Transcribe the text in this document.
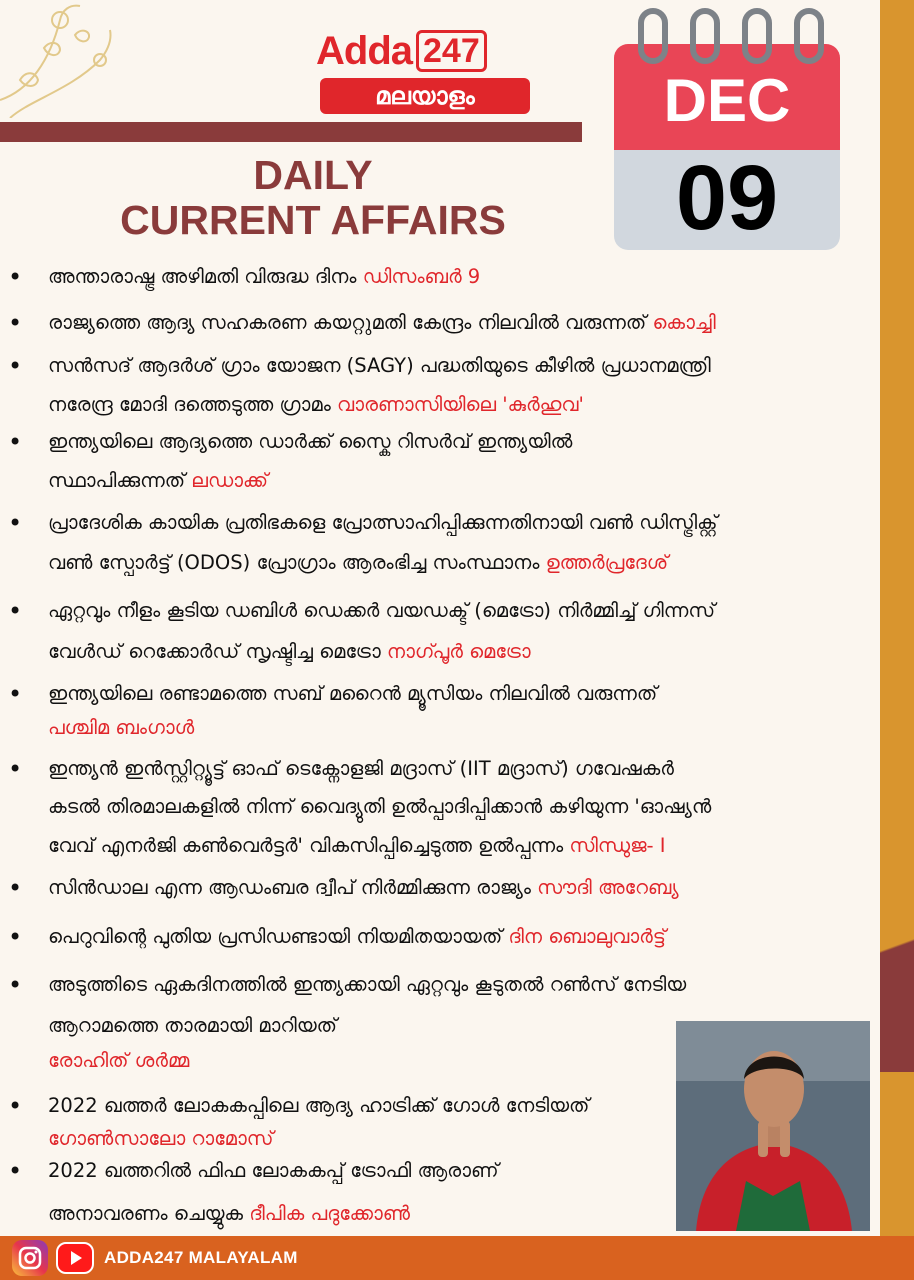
Adda 247
മലയാളം
DAILY
CURRENT AFFAIRS
DEC
09
• അന്താരാഷ്ട്ര അഴിമതി വിരുദ്ധ ദിനം ഡിസംബർ 9
• രാജ്യത്തെ ആദ്യ സഹകരണ കയറ്റുമതി കേന്ദ്രം നിലവിൽ വരുന്നത് കൊച്ചി
• സൻസദ് ആദർശ് ഗ്രാം യോജന (SAGY) പദ്ധതിയുടെ കീഴിൽ പ്രധാനമന്ത്രി
നരേന്ദ്ര മോദി ദത്തെടുത്ത ഗ്രാമം വാരണാസിയിലെ 'കുർഹുവ'
• ഇന്ത്യയിലെ ആദ്യത്തെ ഡാർക്ക് സ്കൈ റിസർവ് ഇന്ത്യയിൽ
സ്ഥാപിക്കുന്നത് ലഡാക്ക്
• പ്രാദേശിക കായിക പ്രതിഭകളെ പ്രോത്സാഹിപ്പിക്കുന്നതിനായി വൺ ഡിസ്ട്രിക്റ്റ്
വൺ സ്പോർട്ട് (ODOS) പ്രോഗ്രാം ആരംഭിച്ച സംസ്ഥാനം ഉത്തർപ്രദേശ്
• ഏറ്റവും നീളം കൂടിയ ഡബിൾ ഡെക്കർ വയഡക്ട് (മെട്രോ) നിർമ്മിച്ച് ഗിന്നസ്
വേൾഡ് റെക്കോർഡ് സൃഷ്ടിച്ച മെട്രോ നാഗ്പൂർ മെട്രോ
• ഇന്ത്യയിലെ രണ്ടാമത്തെ സബ് മറൈൻ മ്യൂസിയം നിലവിൽ വരുന്നത്
പശ്ചിമ ബംഗാൾ
• ഇന്ത്യൻ ഇൻസ്റ്റിറ്റ്യൂട്ട് ഓഫ് ടെക്നോളജി മദ്രാസ് (IIT മദ്രാസ്) ഗവേഷകർ
കടൽ തിരമാലകളിൽ നിന്ന് വൈദ്യുതി ഉൽപ്പാദിപ്പിക്കാൻ കഴിയുന്ന 'ഓഷ്യൻ
വേവ് എനർജി കൺവെർട്ടർ' വികസിപ്പിച്ചെടുത്ത ഉൽപ്പന്നം സിന്ധുജ- I
• സിൻഡാല എന്ന ആഡംബര ദ്വീപ് നിർമ്മിക്കുന്ന രാജ്യം സൗദി അറേബ്യ
• പെറുവിന്റെ പുതിയ പ്രസിഡണ്ടായി നിയമിതയായത് ദിന ബൊലുവാർട്ട്
• അടുത്തിടെ ഏകദിനത്തിൽ ഇന്ത്യക്കായി ഏറ്റവും കൂടുതൽ റൺസ് നേടിയ
ആറാമത്തെ താരമായി മാറിയത്
രോഹിത് ശർമ്മ
• 2022 ഖത്തർ ലോകകപ്പിലെ ആദ്യ ഹാട്രിക്ക് ഗോൾ നേടിയത്
ഗോൺസാലോ റാമോസ്
• 2022 ഖത്തറിൽ ഫിഫ ലോകകപ്പ് ട്രോഫി ആരാണ്
അനാവരണം ചെയ്യുക ദീപിക പദുക്കോൺ
ADDA247 MALAYALAM
